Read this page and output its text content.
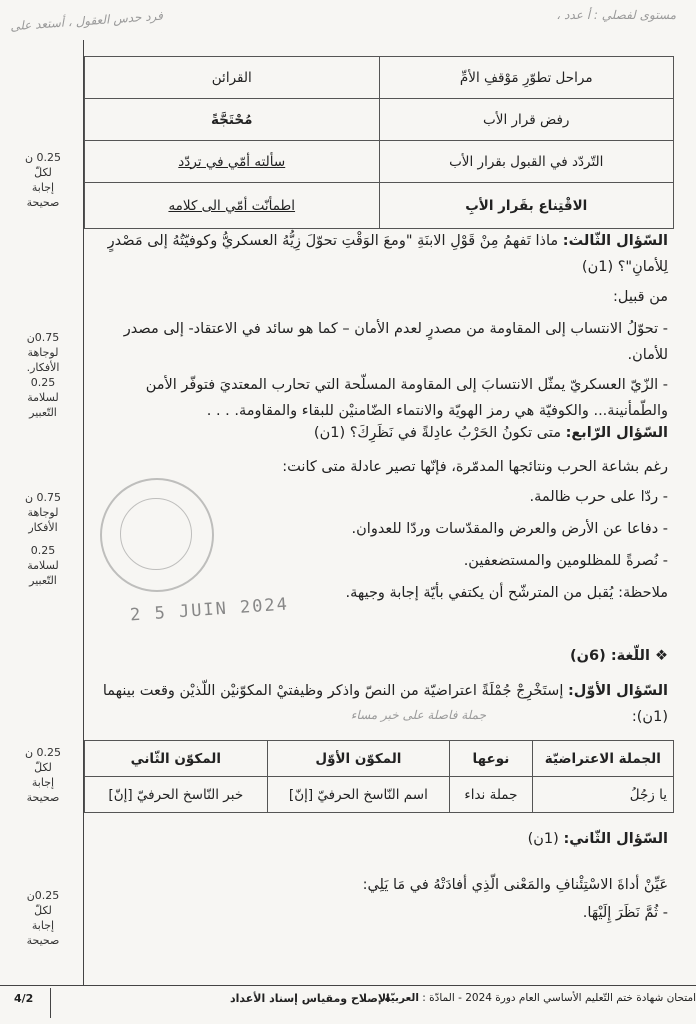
مستوى لفصلي : أ عدد ،
فرد حدس العقول ، أستعد على
مراحل تطوّرِ مَوْقفِ الأمِّ	القرائن
رفض قرار الأب	مُحْتَجَّةً
التّردّد في القبول بقرار الأب	سألته أمّي في تردّد
الاقْتِناع بقَرار الأبِ	اطمأنّت أمّي الى كلامه
السّؤال الثّالث: ماذا تَفهمُ مِنْ قَوْلِ الابنَةِ "ومعَ الوَقْتِ تحوّلَ زِيُّهُ العسكريُّ وكوفيّتُهُ إلى مَصْدرٍ لِلأمانِ"؟ (1ن)
من قبيل:
- تحوّلُ الانتساب إلى المقاومة من مصدرٍ لعدم الأمان – كما هو سائد في الاعتقاد- إلى مصدر للأمان.
- الزّيّ العسكريّ يمثّل الانتسابَ إلى المقاومة المسلّحة التي تحارب المعتديَ فتوفّر الأمن والطّمأنينة... والكوفيّة هي رمز الهويّة والانتماء الضّامنيْن للبقاء والمقاومة. . . .
السّؤال الرّابع: متى تكونُ الحَرْبُ عادِلةً في نَظَرِكَ؟ (1ن)
رغم بشاعة الحرب ونتائجها المدمّرة، فإنّها تصير عادلة متى كانت:
- ردّا على حرب ظالمة.
- دفاعا عن الأرض والعرض والمقدّسات وردّا للعدوان.
- نُصرةً للمظلومين والمستضعفين.
ملاحظة: يُقبل من المترشّح أن يكتفي بأيّة إجابة وجيهة.
2 5 JUIN 2024
❖ اللّغة: (6ن)
السّؤال الأوّل: إستَخْرِجْ جُمْلَةً اعتراضيّة من النصّ واذكر وظيفتيْ المكوّنيْن اللّذيْن وقعت بينهما (1ن):
جملة فاصلة على خبر مساء
الجملة الاعتراضيّة	نوعها	المكوّن الأوّل	المكوّن الثّاني
يا زجُلُ	جملة نداء	اسم النّاسخ الحرفيّ [إنّ]	خبر النّاسخ الحرفيّ [إنّ]
السّؤال الثّاني: (1ن)
عَيِّنْ أداةَ الاسْتِئْنافِ والمَعْنى الّذِي أفادَتْهُ في مَا يَلِي:
- ثُمَّ نَظَرَ إِلَيْهَا.
0.25 ن
لكلّ
إجابة
صحيحة
0.75ن
لوجاهة
الأفكار.
0.25
لسلامة
التّعبير
0.75 ن
لوجاهة
الأفكار
0.25
لسلامة
التّعبير
0.25 ن
لكلّ
إجابة
صحيحة
0.25ن
لكلّ
إجابة
صحيحة
4/2	الإصلاح ومقياس إسناد الأعداد	امتحان شهادة ختم التّعليم الأساسي العام دورة 2024 - المادّة : العربيّة
